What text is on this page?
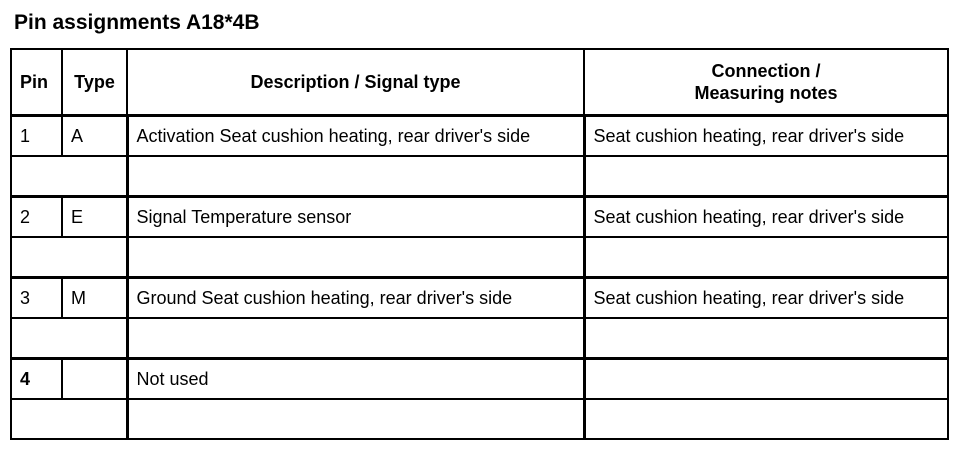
Pin assignments A18*4B
Pin	Type	Description / Signal type	Connection /
Measuring notes
1	A	Activation Seat cushion heating, rear driver's side	Seat cushion heating, rear driver's side

2	E	Signal Temperature sensor	Seat cushion heating, rear driver's side

3	M	Ground Seat cushion heating, rear driver's side	Seat cushion heating, rear driver's side

4		Not used	
